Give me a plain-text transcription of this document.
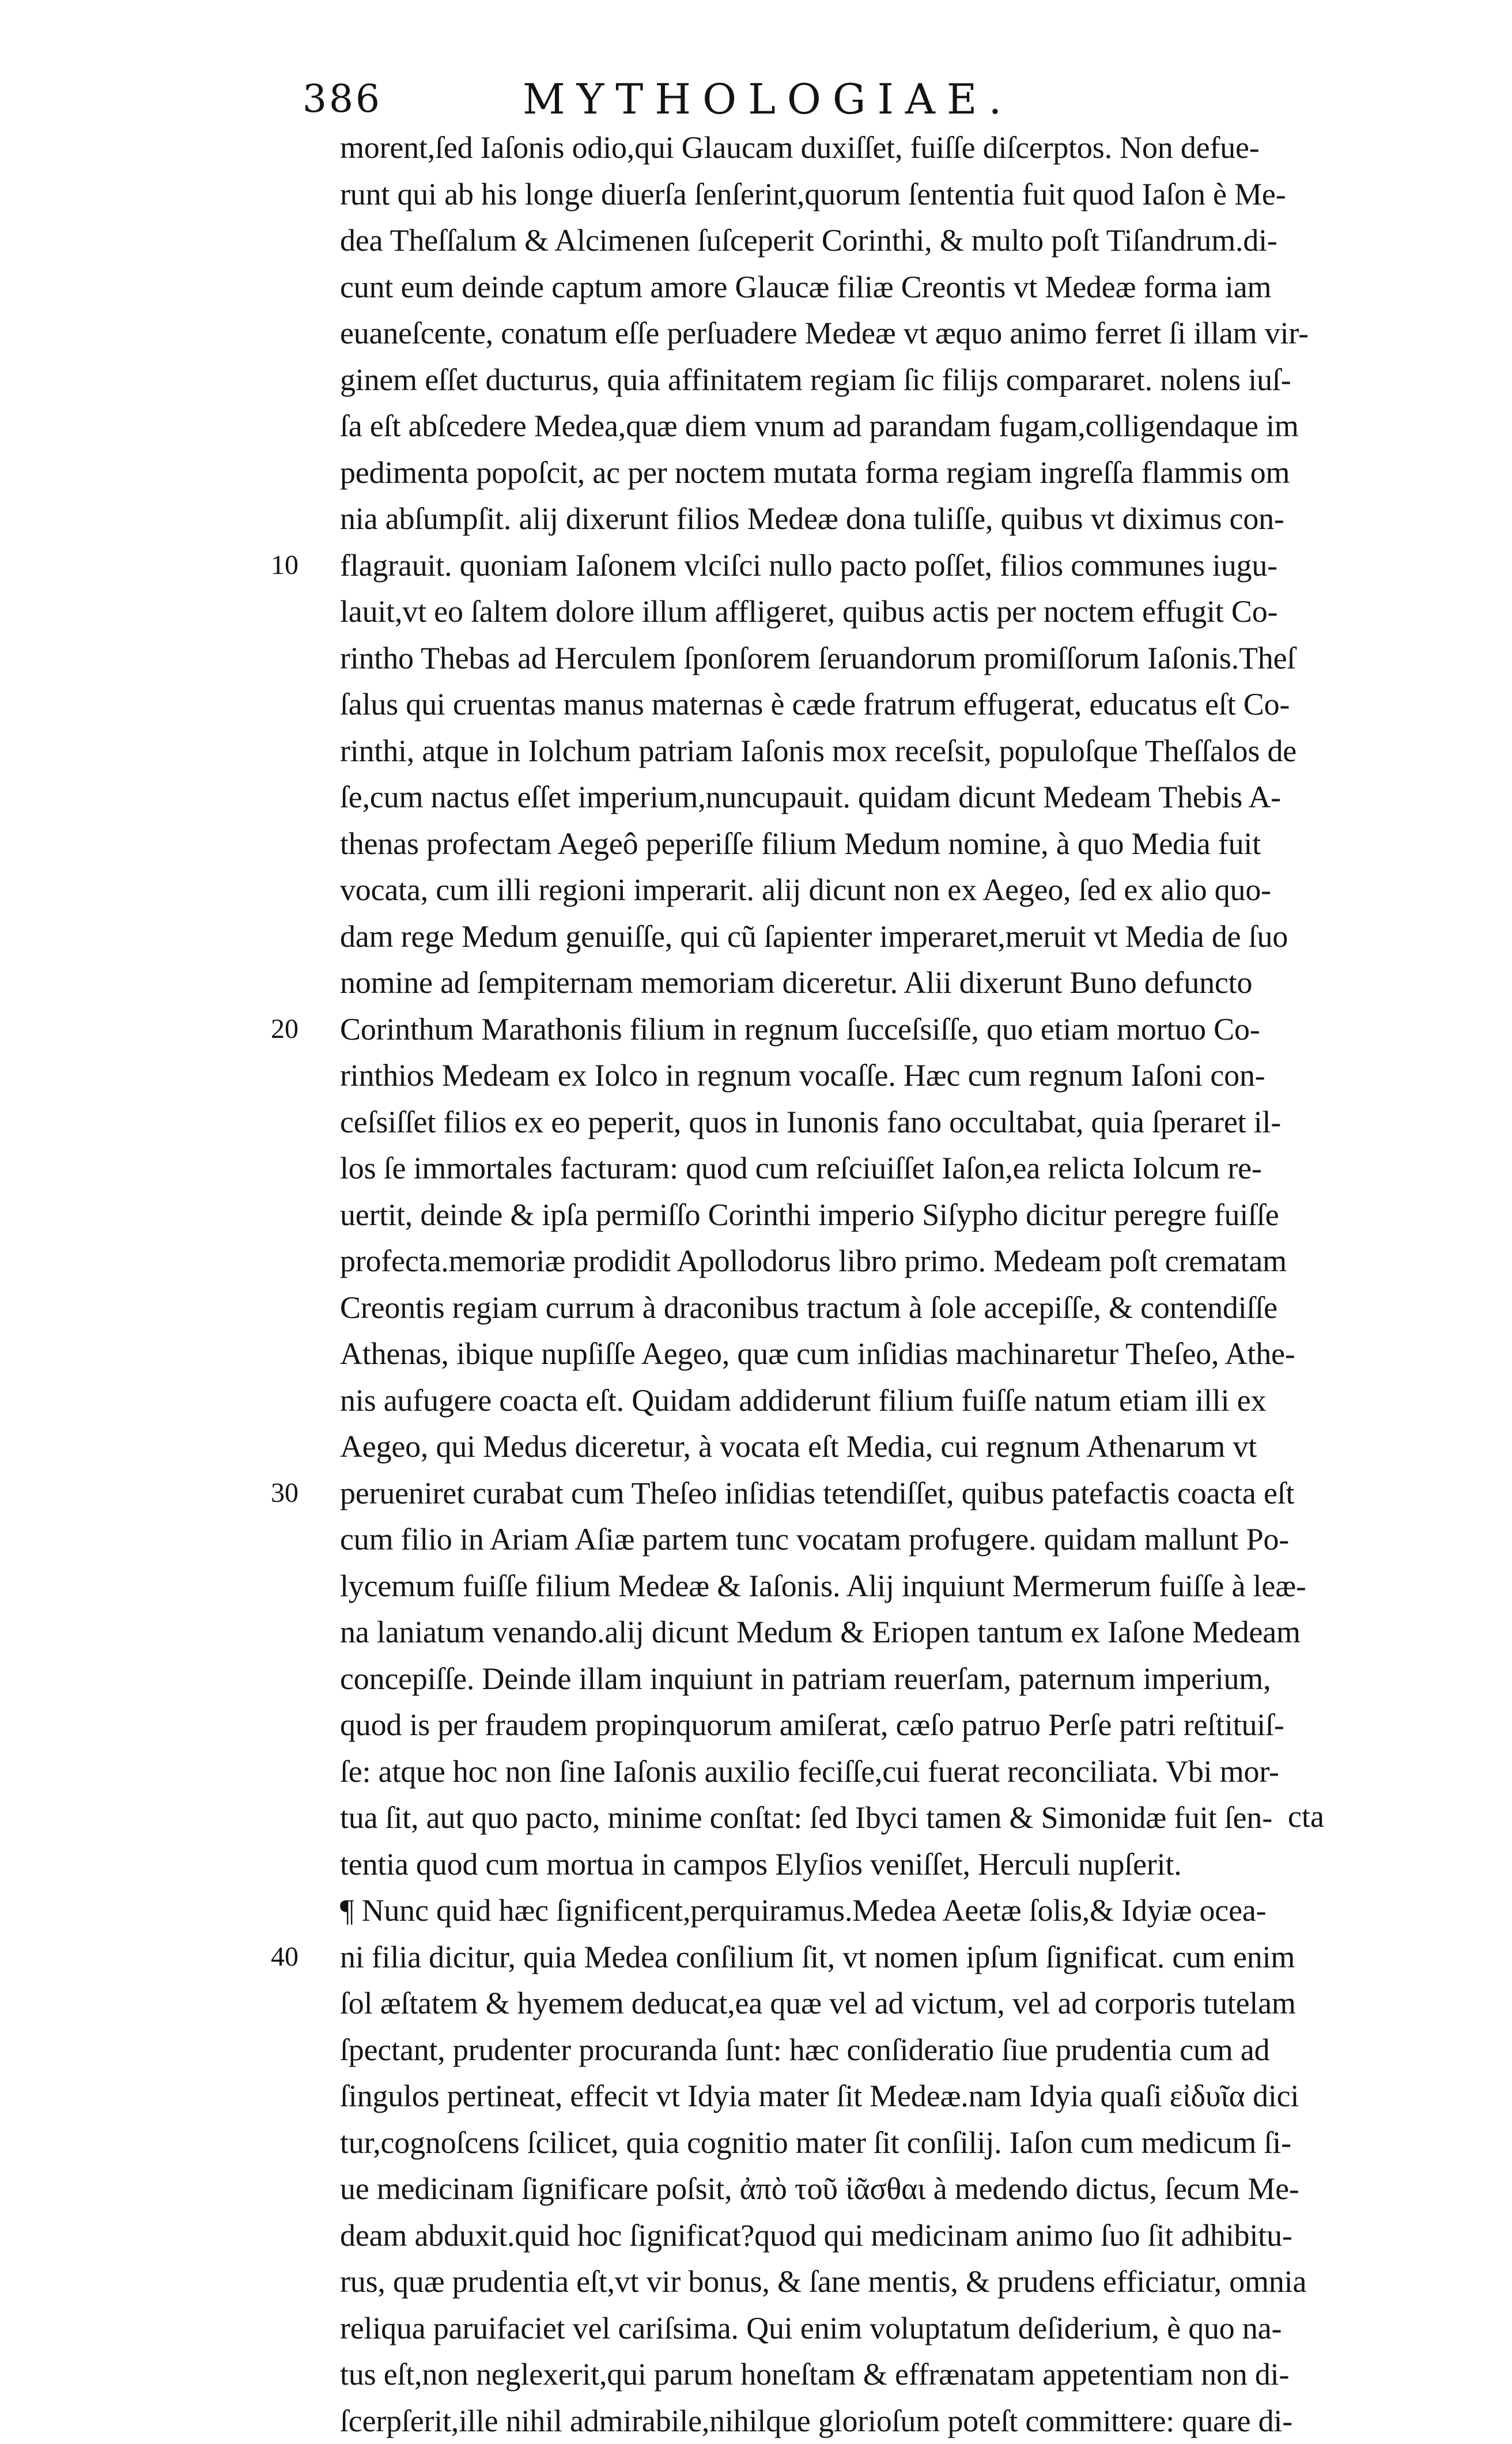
386	MYTHOLOGIAE.
10
20
30
40
morent,ſed Iaſonis odio,qui Glaucam duxiſſet, fuiſſe diſcerptos. Non defue-
runt qui ab his longe diuerſa ſenſerint,quorum ſententia fuit quod Iaſon è Me-
dea Theſſalum & Alcimenen ſuſceperit Corinthi, & multo poſt Tiſandrum.di-
cunt eum deinde captum amore Glaucæ filiæ Creontis vt Medeæ forma iam
euaneſcente, conatum eſſe perſuadere Medeæ vt æquo animo ferret ſi illam vir-
ginem eſſet ducturus, quia affinitatem regiam ſic filijs compararet. nolens iuſ-
ſa eſt abſcedere Medea,quæ diem vnum ad parandam fugam,colligendaque im
pedimenta popoſcit, ac per noctem mutata forma regiam ingreſſa flammis om
nia abſumpſit. alij dixerunt filios Medeæ dona tuliſſe, quibus vt diximus con-
flagrauit. quoniam Iaſonem vlciſci nullo pacto poſſet, filios communes iugu-
lauit,vt eo ſaltem dolore illum affligeret, quibus actis per noctem effugit Co-
rintho Thebas ad Herculem ſponſorem ſeruandorum promiſſorum Iaſonis.Theſ
ſalus qui cruentas manus maternas è cæde fratrum effugerat, educatus eſt Co-
rinthi, atque in Iolchum patriam Iaſonis mox receſsit, populoſque Theſſalos de
ſe,cum nactus eſſet imperium,nuncupauit. quidam dicunt Medeam Thebis A-
thenas profectam Aegeô peperiſſe filium Medum nomine, à quo Media fuit
vocata, cum illi regioni imperarit. alij dicunt non ex Aegeo, ſed ex alio quo-
dam rege Medum genuiſſe, qui cũ ſapienter imperaret,meruit vt Media de ſuo
nomine ad ſempiternam memoriam diceretur. Alii dixerunt Buno defuncto
Corinthum Marathonis filium in regnum ſucceſsiſſe, quo etiam mortuo Co-
rinthios Medeam ex Iolco in regnum vocaſſe. Hæc cum regnum Iaſoni con-
ceſsiſſet filios ex eo peperit, quos in Iunonis fano occultabat, quia ſperaret il-
los ſe immortales facturam: quod cum reſciuiſſet Iaſon,ea relicta Iolcum re-
uertit, deinde & ipſa permiſſo Corinthi imperio Siſypho dicitur peregre fuiſſe
profecta.memoriæ prodidit Apollodorus libro primo. Medeam poſt crematam
Creontis regiam currum à draconibus tractum à ſole accepiſſe, & contendiſſe
Athenas, ibique nupſiſſe Aegeo, quæ cum inſidias machinaretur Theſeo, Athe-
nis aufugere coacta eſt. Quidam addiderunt filium fuiſſe natum etiam illi ex
Aegeo, qui Medus diceretur, à vocata eſt Media, cui regnum Athenarum vt
perueniret curabat cum Theſeo inſidias tetendiſſet, quibus patefactis coacta eſt
cum filio in Ariam Aſiæ partem tunc vocatam profugere. quidam mallunt Po-
lycemum fuiſſe filium Medeæ & Iaſonis. Alij inquiunt Mermerum fuiſſe à leæ-
na laniatum venando.alij dicunt Medum & Eriopen tantum ex Iaſone Medeam
concepiſſe. Deinde illam inquiunt in patriam reuerſam, paternum imperium,
quod is per fraudem propinquorum amiſerat, cæſo patruo Perſe patri reſtituiſ-
ſe: atque hoc non ſine Iaſonis auxilio feciſſe,cui fuerat reconciliata. Vbi mor-
tua ſit, aut quo pacto, minime conſtat: ſed Ibyci tamen & Simonidæ fuit ſen-
tentia quod cum mortua in campos Elyſios veniſſet, Herculi nupſerit.
¶ Nunc quid hæc ſignificent,perquiramus.Medea Aeetæ ſolis,& Idyiæ ocea-
ni filia dicitur, quia Medea conſilium ſit, vt nomen ipſum ſignificat. cum enim
ſol æſtatem & hyemem deducat,ea quæ vel ad victum, vel ad corporis tutelam
ſpectant, prudenter procuranda ſunt: hæc conſideratio ſiue prudentia cum ad
ſingulos pertineat, effecit vt Idyia mater ſit Medeæ.nam Idyia quaſi εἰδυῖα dici
tur,cognoſcens ſcilicet, quia cognitio mater ſit conſilij. Iaſon cum medicum ſi-
ue medicinam ſignificare poſsit, ἀπὸ τοῦ ἰᾶσθαι à medendo dictus, ſecum Me-
deam abduxit.quid hoc ſignificat?quod qui medicinam animo ſuo ſit adhibitu-
rus, quæ prudentia eſt,vt vir bonus, & ſane mentis, & prudens efficiatur, omnia
reliqua paruifaciet vel cariſsima. Qui enim voluptatum deſiderium, è quo na-
tus eſt,non neglexerit,qui parum honeſtam & effrænatam appetentiam non di-
ſcerpſerit,ille nihil admirabile,nihilque glorioſum poteſt committere: quare di-
cta
